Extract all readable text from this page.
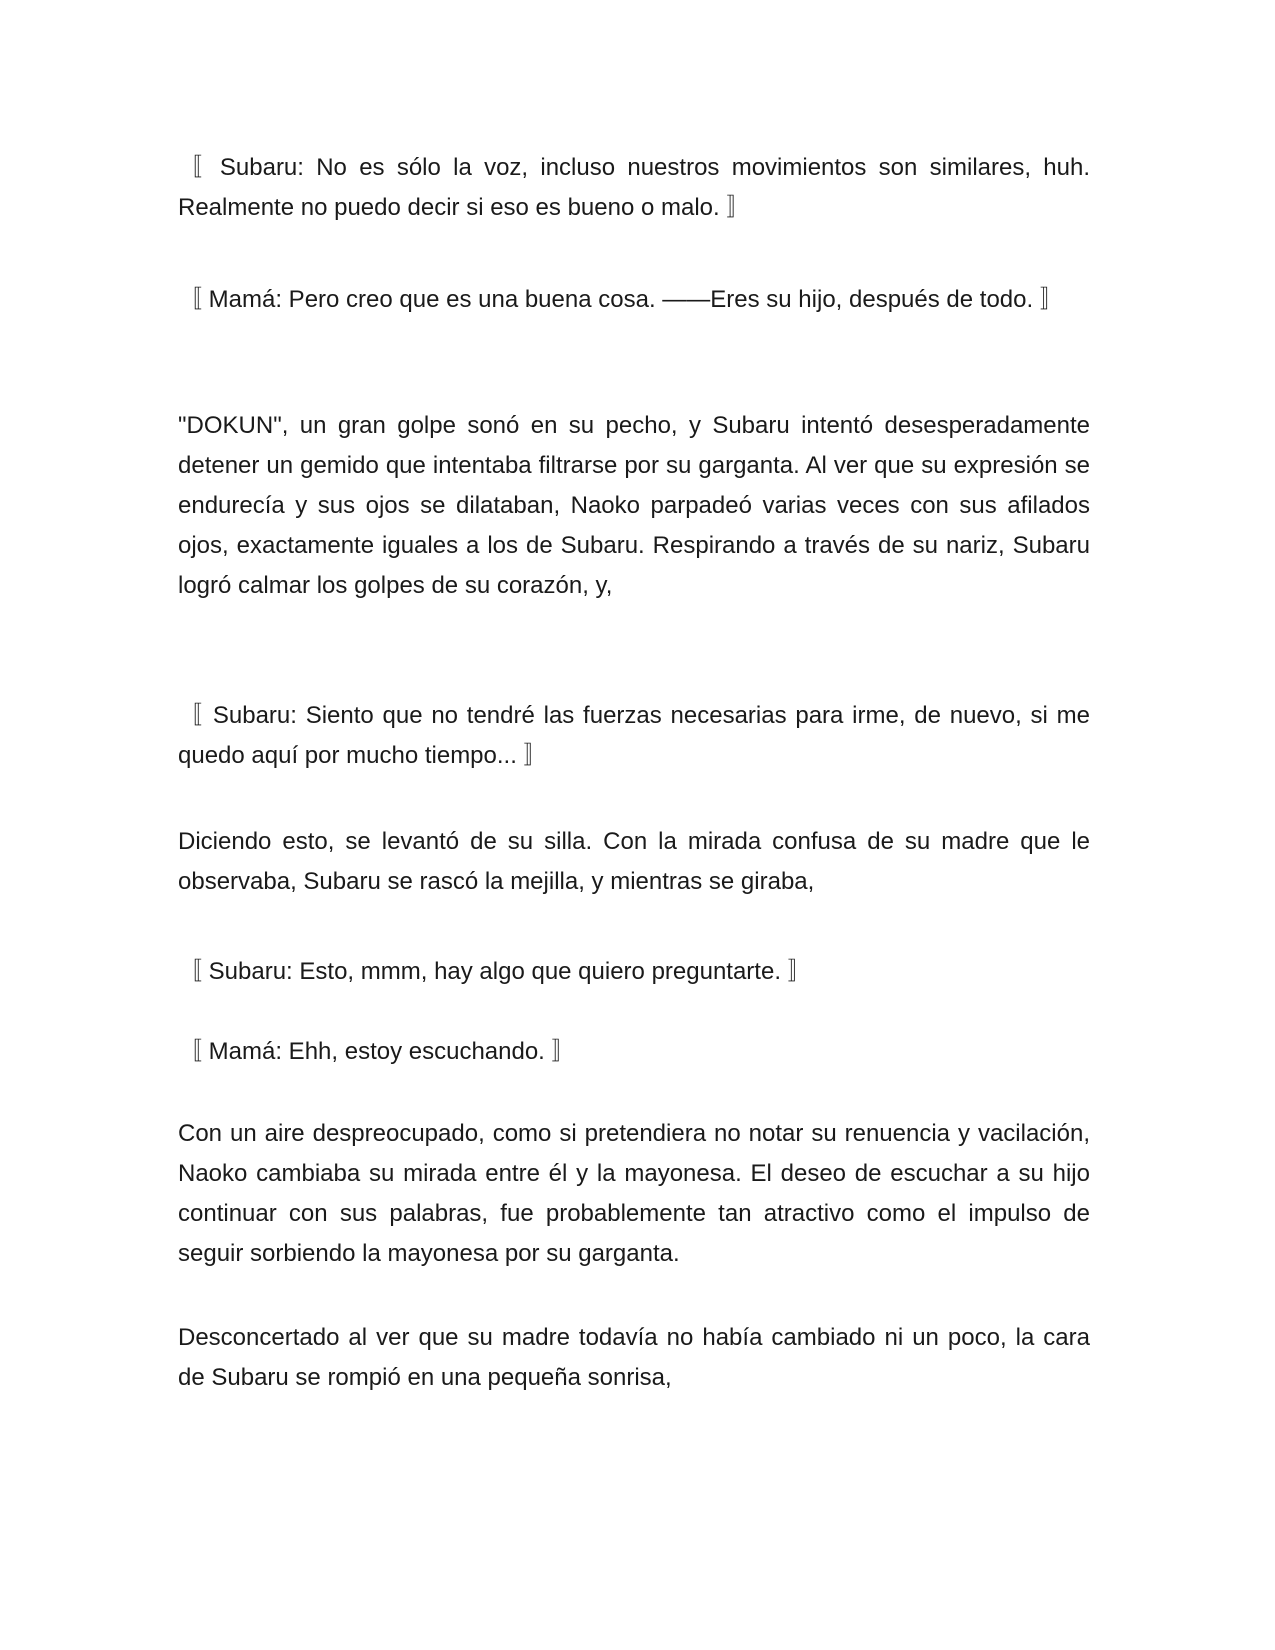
〚 Subaru: No es sólo la voz, incluso nuestros movimientos son similares, huh. Realmente no puedo decir si eso es bueno o malo. 〛

〚 Mamá: Pero creo que es una buena cosa. ——Eres su hijo, después de todo. 〛

"DOKUN", un gran golpe sonó en su pecho, y Subaru intentó desesperadamente detener un gemido que intentaba filtrarse por su garganta. Al ver que su expresión se endurecía y sus ojos se dilataban, Naoko parpadeó varias veces con sus afilados ojos, exactamente iguales a los de Subaru. Respirando a través de su nariz, Subaru logró calmar los golpes de su corazón, y,

〚 Subaru: Siento que no tendré las fuerzas necesarias para irme, de nuevo, si me quedo aquí por mucho tiempo... 〛

Diciendo esto, se levantó de su silla. Con la mirada confusa de su madre que le observaba, Subaru se rascó la mejilla, y mientras se giraba,

〚 Subaru: Esto, mmm, hay algo que quiero preguntarte. 〛

〚 Mamá: Ehh, estoy escuchando. 〛

Con un aire despreocupado, como si pretendiera no notar su renuencia y vacilación, Naoko cambiaba su mirada entre él y la mayonesa. El deseo de escuchar a su hijo continuar con sus palabras, fue probablemente tan atractivo como el impulso de seguir sorbiendo la mayonesa por su garganta.

Desconcertado al ver que su madre todavía no había cambiado ni un poco, la cara de Subaru se rompió en una pequeña sonrisa,
